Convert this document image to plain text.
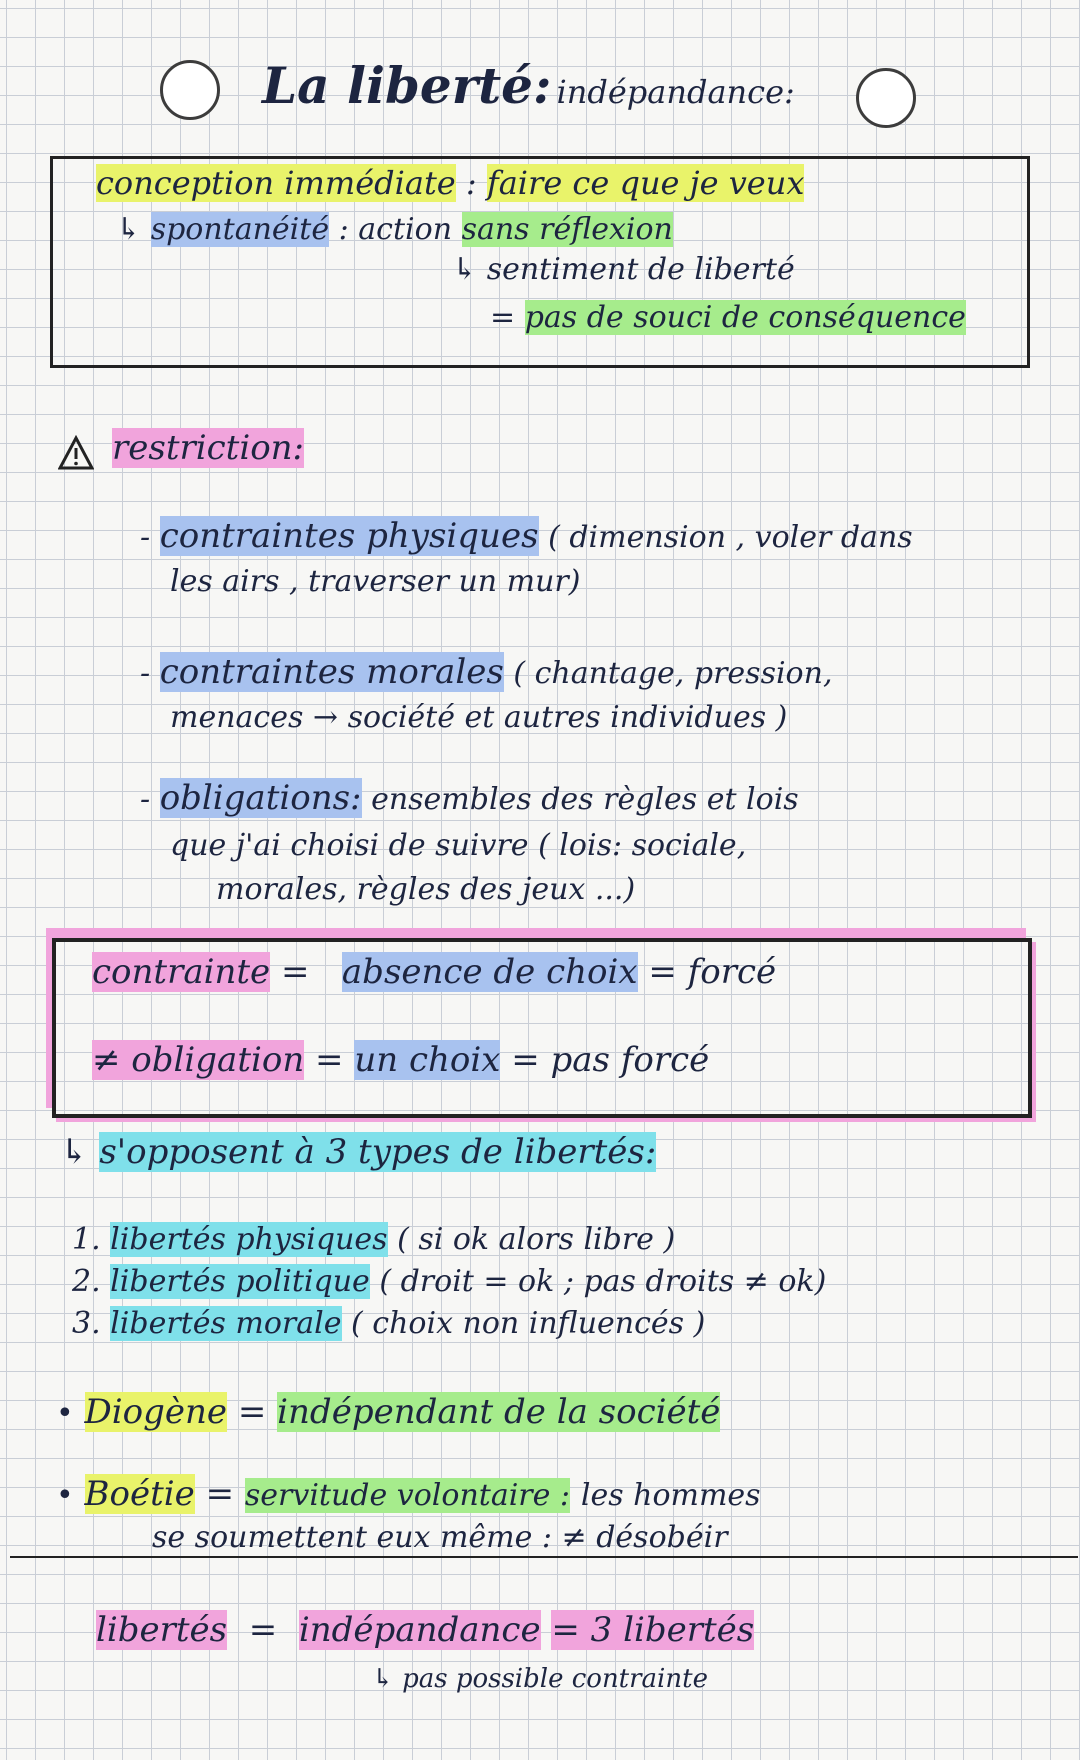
La liberté: indépandance:
conception immédiate : faire ce que je veux
↳ spontanéité : action sans réflexion
↳ sentiment de liberté
= pas de souci de conséquence
restriction:
- contraintes physiques ( dimension , voler dans
les airs , traverser un mur)
- contraintes morales ( chantage, pression,
menaces → société et autres individues )
- obligations: ensembles des règles et lois
que j'ai choisi de suivre ( lois: sociale,
morales, règles des jeux ...)
contrainte = absence de choix = forcé
≠ obligation = un choix = pas forcé
↳ s'opposent à 3 types de libertés:
1. libertés physiques ( si ok alors libre )
2. libertés politique ( droit = ok ; pas droits ≠ ok)
3. libertés morale ( choix non influencés )
• Diogène = indépendant de la société
• Boétie = servitude volontaire : les hommes
se soumettent eux même : ≠ désobéir
libertés = indépandance = 3 libertés
↳ pas possible contrainte
